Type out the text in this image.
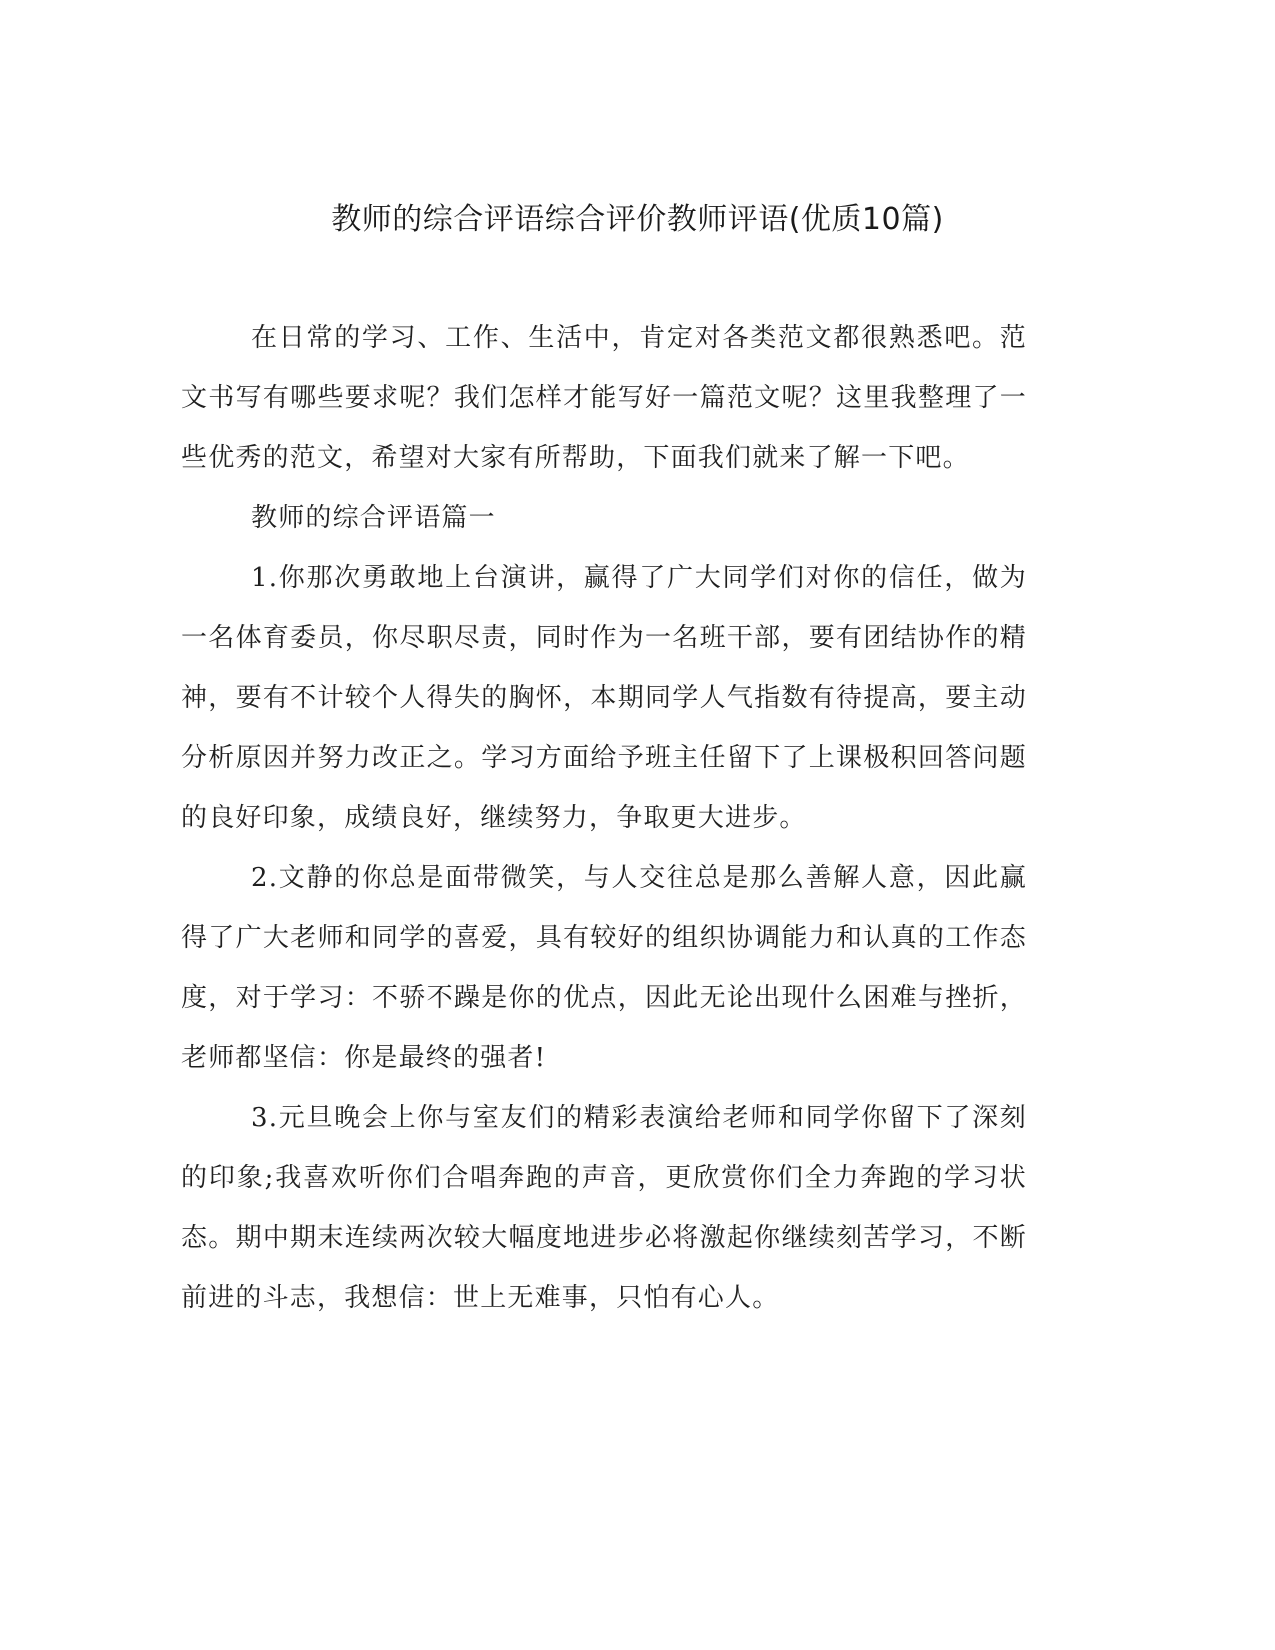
教师的综合评语综合评价教师评语(优质10篇)

在日常的学习、工作、生活中，肯定对各类范文都很熟悉吧。范文书写有哪些要求呢？我们怎样才能写好一篇范文呢？这里我整理了一些优秀的范文，希望对大家有所帮助，下面我们就来了解一下吧。

教师的综合评语篇一

1.你那次勇敢地上台演讲，赢得了广大同学们对你的信任，做为一名体育委员，你尽职尽责，同时作为一名班干部，要有团结协作的精神，要有不计较个人得失的胸怀，本期同学人气指数有待提高，要主动分析原因并努力改正之。学习方面给予班主任留下了上课极积回答问题的良好印象，成绩良好，继续努力，争取更大进步。

2.文静的你总是面带微笑，与人交往总是那么善解人意，因此赢得了广大老师和同学的喜爱，具有较好的组织协调能力和认真的工作态度，对于学习：不骄不躁是你的优点，因此无论出现什么困难与挫折，老师都坚信：你是最终的强者!

3.元旦晚会上你与室友们的精彩表演给老师和同学你留下了深刻的印象;我喜欢听你们合唱奔跑的声音，更欣赏你们全力奔跑的学习状态。期中期末连续两次较大幅度地进步必将激起你继续刻苦学习，不断前进的斗志，我想信：世上无难事，只怕有心人。
